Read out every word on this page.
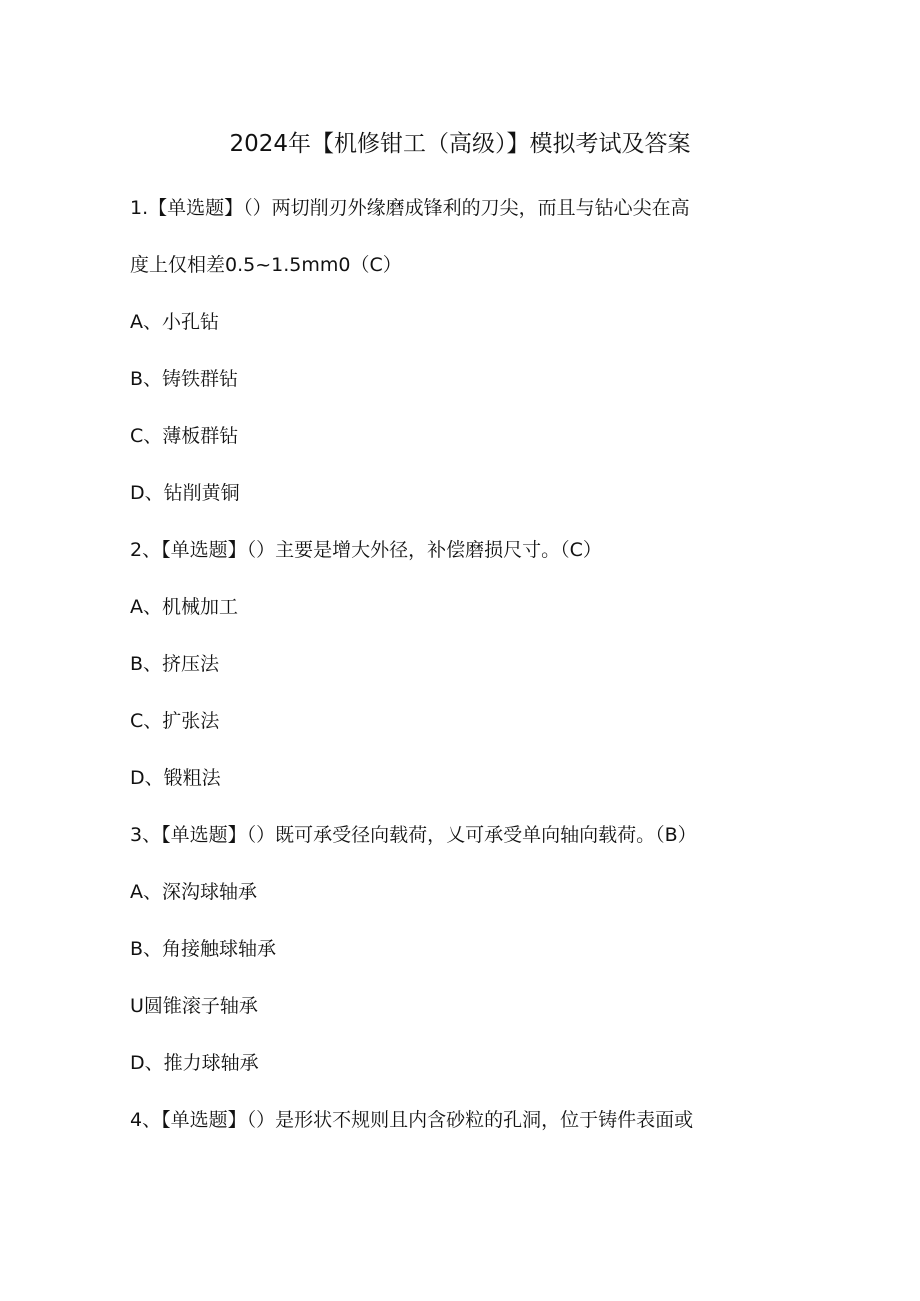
2024年【机修钳工（高级）】模拟考试及答案

1.【单选题】（）两切削刃外缘磨成锋利的刀尖，而且与钻心尖在高

度上仅相差0.5~1.5mm0（C）

A、小孔钻

B、铸铁群钻

C、薄板群钻

D、钻削黄铜

2、【单选题】（）主要是增大外径，补偿磨损尺寸。（C）

A、机械加工

B、挤压法

C、扩张法

D、锻粗法

3、【单选题】（）既可承受径向载荷，乂可承受单向轴向载荷。（B）

A、深沟球轴承

B、角接触球轴承

U圆锥滚子轴承

D、推力球轴承

4、【单选题】（）是形状不规则且内含砂粒的孔洞，位于铸件表面或
